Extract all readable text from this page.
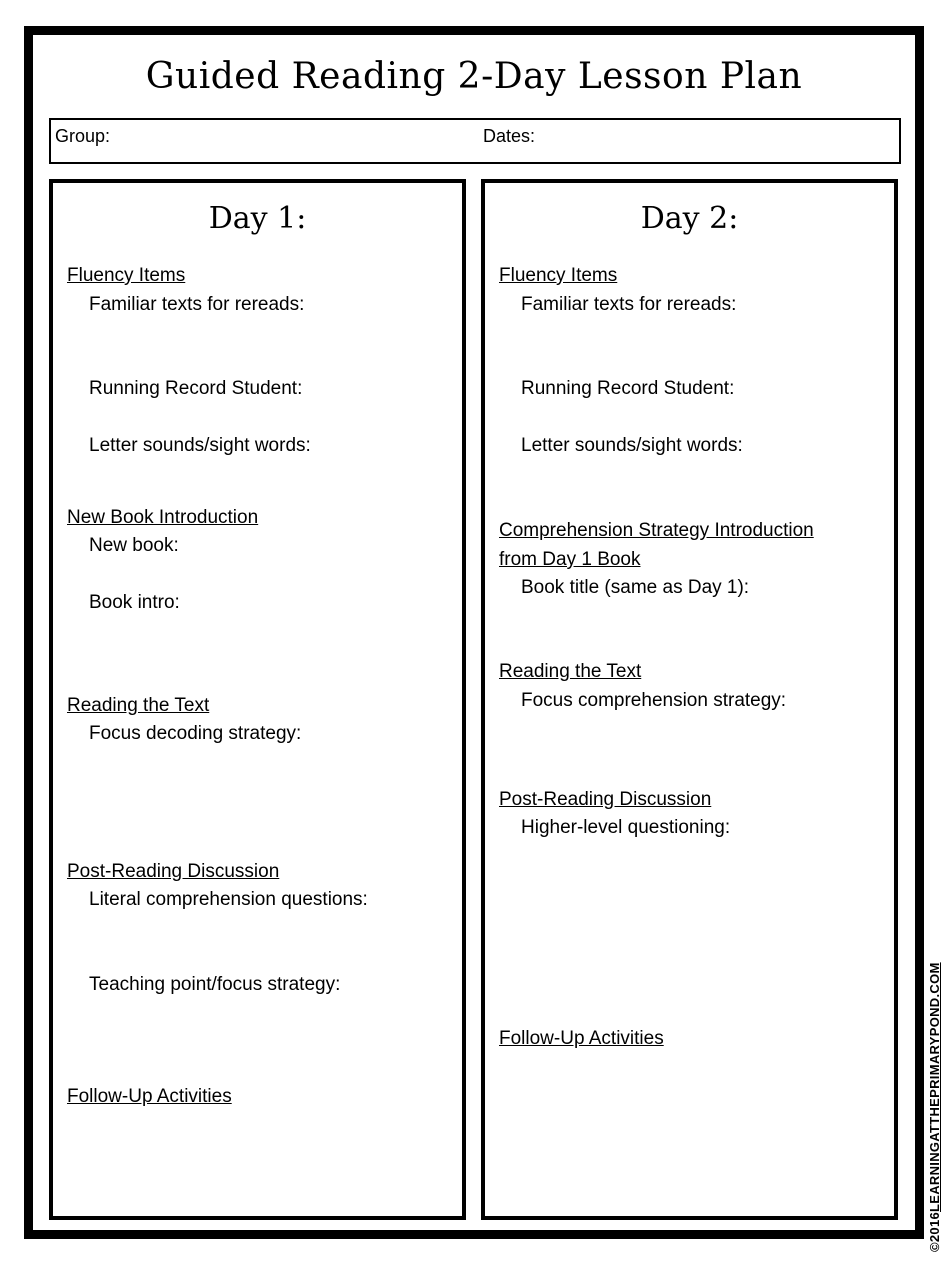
Guided Reading 2-Day Lesson Plan
Group:	Dates:
Day 1:
Fluency Items
Familiar texts for rereads:
Running Record Student:
Letter sounds/sight words:
New Book Introduction
New book:
Book intro:
Reading the Text
Focus decoding strategy:
Post-Reading Discussion
Literal comprehension questions:
Teaching point/focus strategy:
Follow-Up Activities
Day 2:
Fluency Items
Familiar texts for rereads:
Running Record Student:
Letter sounds/sight words:
Comprehension Strategy Introduction
from Day 1 Book
Book title (same as Day 1):
Reading the Text
Focus comprehension strategy:
Post-Reading Discussion
Higher-level questioning:
Follow-Up Activities
©2016LEARNINGATTHEPRIMARYPOND.COM
